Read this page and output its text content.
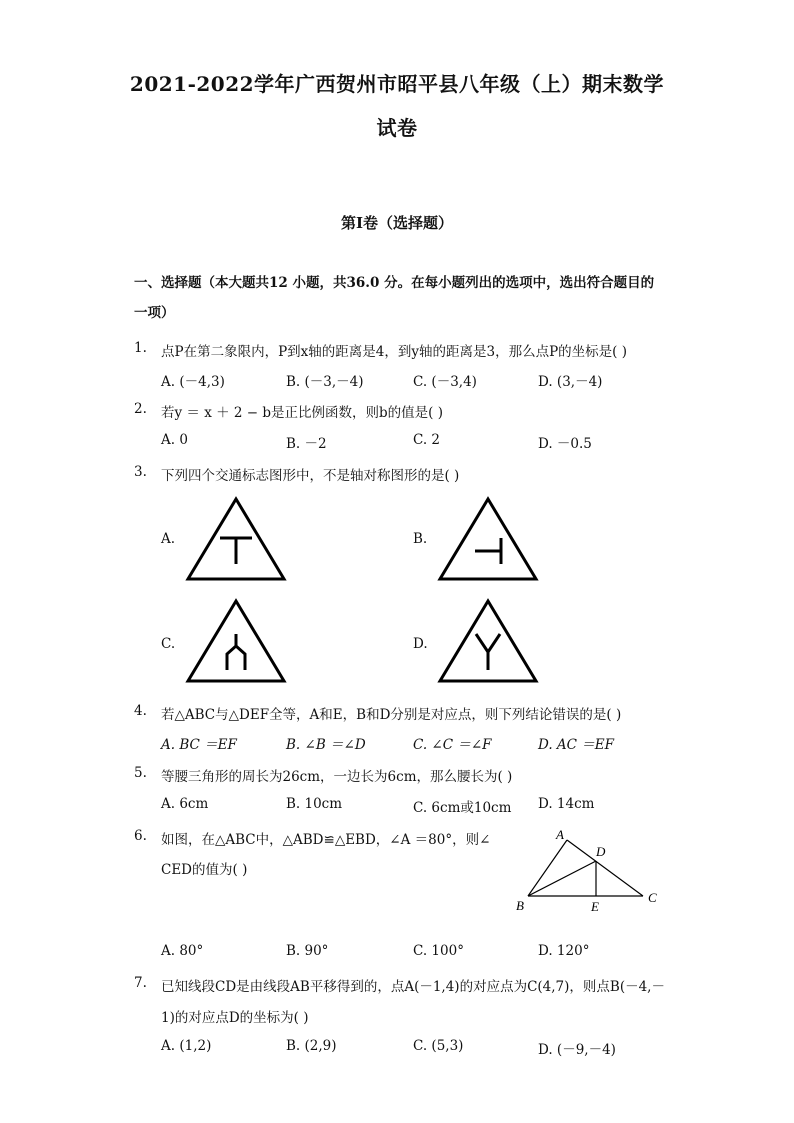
2021-2022学年广西贺州市昭平县八年级（上）期末数学
试卷
第I卷（选择题）
一、选择题（本大题共12 小题，共36.0 分。在每小题列出的选项中，选出符合题目的
一项）
1. 点P在第二象限内，P到x轴的距离是4，到y轴的距离是3，那么点P的坐标是( )
A. (－4,3)	B. (－3,－4)	C. (－3,4)	D. (3,－4)
2. 若y ＝ x ＋ 2 − b是正比例函数，则b的值是( )
A. 0	B. －2	C. 2	D. －0.5
3. 下列四个交通标志图形中，不是轴对称图形的是( )
A.	B.
C.	D.
4. 若△ABC与△DEF全等，A和E，B和D分别是对应点，则下列结论错误的是( )
A. BC ＝EF	B. ∠B ＝∠D	C. ∠C ＝∠F	D. AC ＝EF
5. 等腰三角形的周长为26cm，一边长为6cm，那么腰长为( )
A. 6cm	B. 10cm	C. 6cm或10cm D. 14cm
6. 如图，在△ABC中，△ABD≌△EBD，∠A ＝80°，则∠
CED的值为( )
A
D
B	E
C
A. 80°	B. 90°	C. 100°	D. 120°
7. 已知线段CD是由线段AB平移得到的，点A(－1,4)的对应点为C(4,7)，则点B(－4,－
1)的对应点D的坐标为( )
A. (1,2)	B. (2,9)	C. (5,3)	D. (－9,－4)
